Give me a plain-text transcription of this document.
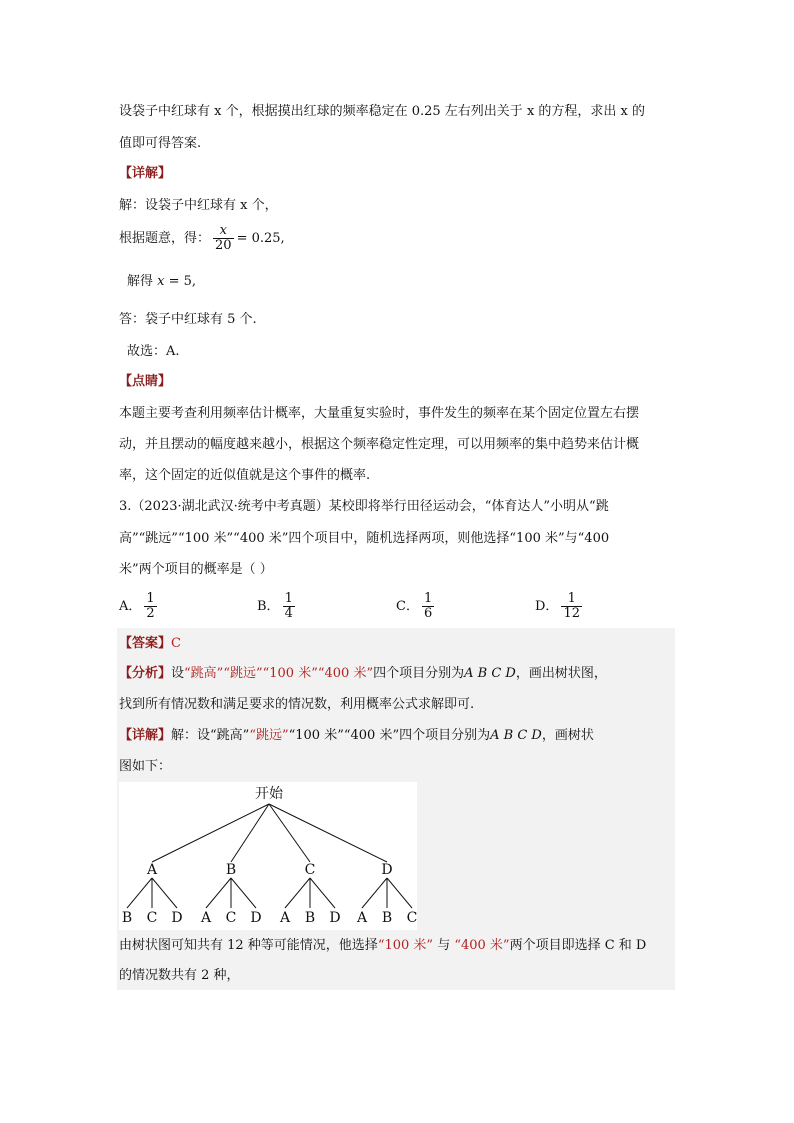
设袋子中红球有 x 个，根据摸出红球的频率稳定在 0.25 左右列出关于 x 的方程，求出 x 的
值即可得答案.
【详解】
解：设袋子中红球有 x 个，
根据题意，得： $\frac{x}{20} = 0.25$,
解得 x = 5,
答：袋子中红球有 5 个.
故选：A.
【点睛】
本题主要考查利用频率估计概率，大量重复实验时，事件发生的频率在某个固定位置左右摆
动，并且摆动的幅度越来越小，根据这个频率稳定性定理，可以用频率的集中趋势来估计概
率，这个固定的近似值就是这个事件的概率.
3.（2023·湖北武汉·统考中考真题）某校即将举行田径运动会，“体育达人”小明从“跳
高”“跳远”“100 米”“400 米”四个项目中，随机选择两项，则他选择“100 米”与“400
米”两个项目的概率是（ ）
A． $\frac{1}{2}$	B． $\frac{1}{4}$	C． $\frac{1}{6}$	D． $\frac{1}{12}$
【答案】C
【分析】设“跳高”“跳远”“100 米”“400 米”四个项目分别为A B C D，画出树状图，
找到所有情况数和满足要求的情况数，利用概率公式求解即可.
【详解】解：设“跳高”“跳远”“100 米”“400 米”四个项目分别为A B C D，画树状
图如下：
开始
A
B C D
B
A C D
C
A B D
D
A B C
由树状图可知共有 12 种等可能情况，他选择“100 米” 与 “400 米”两个项目即选择 C 和 D
的情况数共有 2 种，
